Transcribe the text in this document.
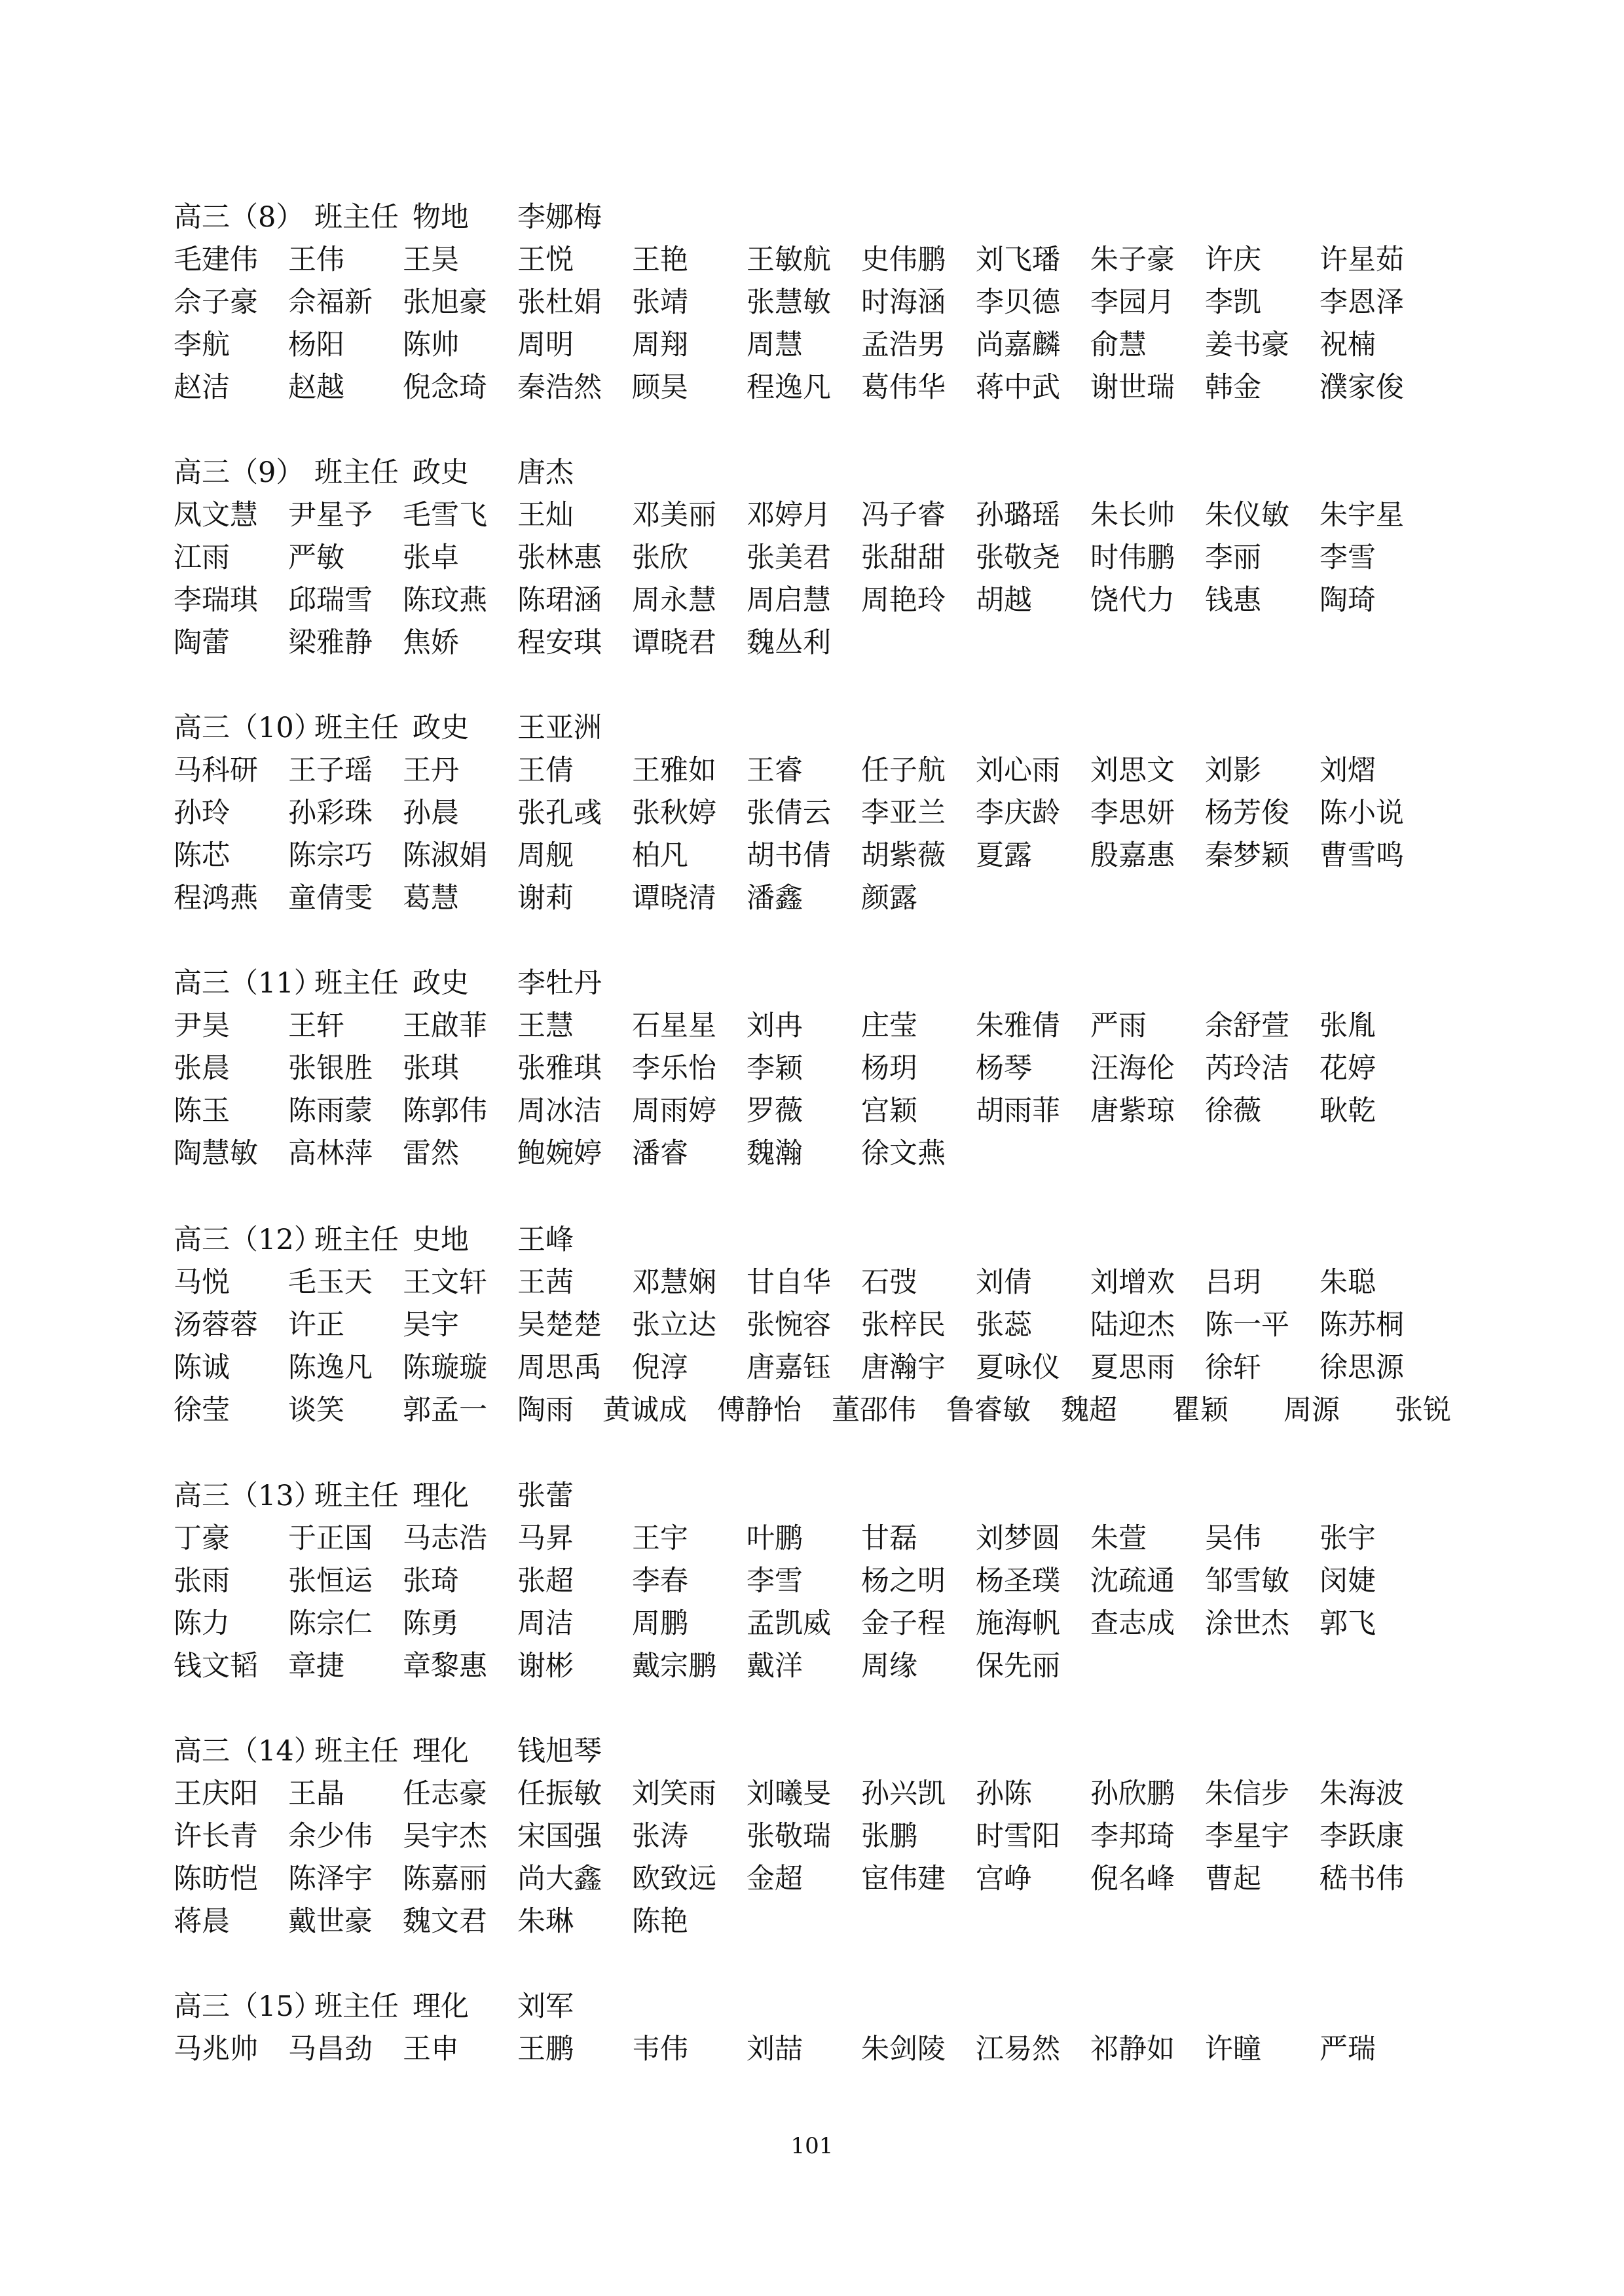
高三（8） 班主任 物地 李娜梅
毛建伟 王伟 王昊 王悦 王艳 王敏航 史伟鹏 刘飞璠 朱子豪 许庆 许星茹
佘子豪 佘福新 张旭豪 张杜娟 张靖 张慧敏 时海涵 李贝德 李园月 李凯 李恩泽
李航 杨阳 陈帅 周明 周翔 周慧 孟浩男 尚嘉麟 俞慧 姜书豪 祝楠
赵洁 赵越 倪念琦 秦浩然 顾昊 程逸凡 葛伟华 蒋中武 谢世瑞 韩金 濮家俊
高三（9） 班主任 政史 唐杰
凤文慧 尹星予 毛雪飞 王灿 邓美丽 邓婷月 冯子睿 孙璐瑶 朱长帅 朱仪敏 朱宇星
江雨 严敏 张卓 张林惠 张欣 张美君 张甜甜 张敬尧 时伟鹏 李丽 李雪
李瑞琪 邱瑞雪 陈玟燕 陈珺涵 周永慧 周启慧 周艳玲 胡越 饶代力 钱惠 陶琦
陶蕾 梁雅静 焦娇 程安琪 谭晓君 魏丛利
高三（10）
班主任 政史 王亚洲
马科研 王子瑶 王丹 王倩 王雅如 王睿 任子航 刘心雨 刘思文 刘影 刘熠
孙玲 孙彩珠 孙晨 张孔彧 张秋婷 张倩云 李亚兰 李庆龄 李思妍 杨芳俊 陈小说
陈芯 陈宗巧 陈淑娟 周舰 柏凡 胡书倩 胡紫薇 夏露 殷嘉惠 秦梦颖 曹雪鸣
程鸿燕 童倩雯 葛慧 谢莉 谭晓清 潘鑫 颜露
高三（11）
班主任 政史 李牡丹
尹昊 王轩 王啟菲 王慧 石星星 刘冉 庄莹 朱雅倩 严雨 余舒萱 张胤
张晨 张银胜 张琪 张雅琪 李乐怡 李颖 杨玥 杨琴 汪海伦 芮玲洁 花婷
陈玉 陈雨蒙 陈郭伟 周冰洁 周雨婷 罗薇 宫颖 胡雨菲 唐紫琼 徐薇 耿乾
陶慧敏 高林萍 雷然 鲍婉婷 潘睿 魏瀚 徐文燕
高三（12）
班主任 史地 王峰
马悦 毛玉天 王文轩 王茜 邓慧娴 甘自华 石弢 刘倩 刘增欢 吕玥 朱聪
汤蓉蓉 许正 吴宇 吴楚楚 张立达 张惋容 张梓民 张蕊 陆迎杰 陈一平 陈苏桐
陈诚 陈逸凡 陈璇璇 周思禹 倪淳 唐嘉钰 唐瀚宇 夏咏仪 夏思雨 徐轩 徐思源
徐莹 谈笑 郭孟一 陶雨 黄诚成 傅静怡 董邵伟 鲁睿敏 魏超 瞿颖 周源 张锐
高三（13）
班主任 理化 张蕾
丁豪 于正国 马志浩 马昇 王宇 叶鹏 甘磊 刘梦圆 朱萱 吴伟 张宇
张雨 张恒运 张琦 张超 李春 李雪 杨之明 杨圣璞 沈疏通 邹雪敏 闵婕
陈力 陈宗仁 陈勇 周洁 周鹏 孟凯威 金子程 施海帆 查志成 涂世杰 郭飞
钱文韬 章捷 章黎惠 谢彬 戴宗鹏 戴洋 周缘 保先丽
高三（14）
班主任 理化 钱旭琴
王庆阳 王晶 任志豪 任振敏 刘笑雨 刘曦旻 孙兴凯 孙陈 孙欣鹏 朱信步 朱海波
许长青 余少伟 吴宇杰 宋国强 张涛 张敬瑞 张鹏 时雪阳 李邦琦 李星宇 李跃康
陈昉恺 陈泽宇 陈嘉丽 尚大鑫 欧致远 金超 宦伟建 宫峥 倪名峰 曹起 嵇书伟
蒋晨 戴世豪 魏文君 朱琳 陈艳
高三（15）
班主任 理化 刘军
马兆帅 马昌劲 王申 王鹏 韦伟 刘喆 朱剑陵 江易然 祁静如 许瞳 严瑞
101
